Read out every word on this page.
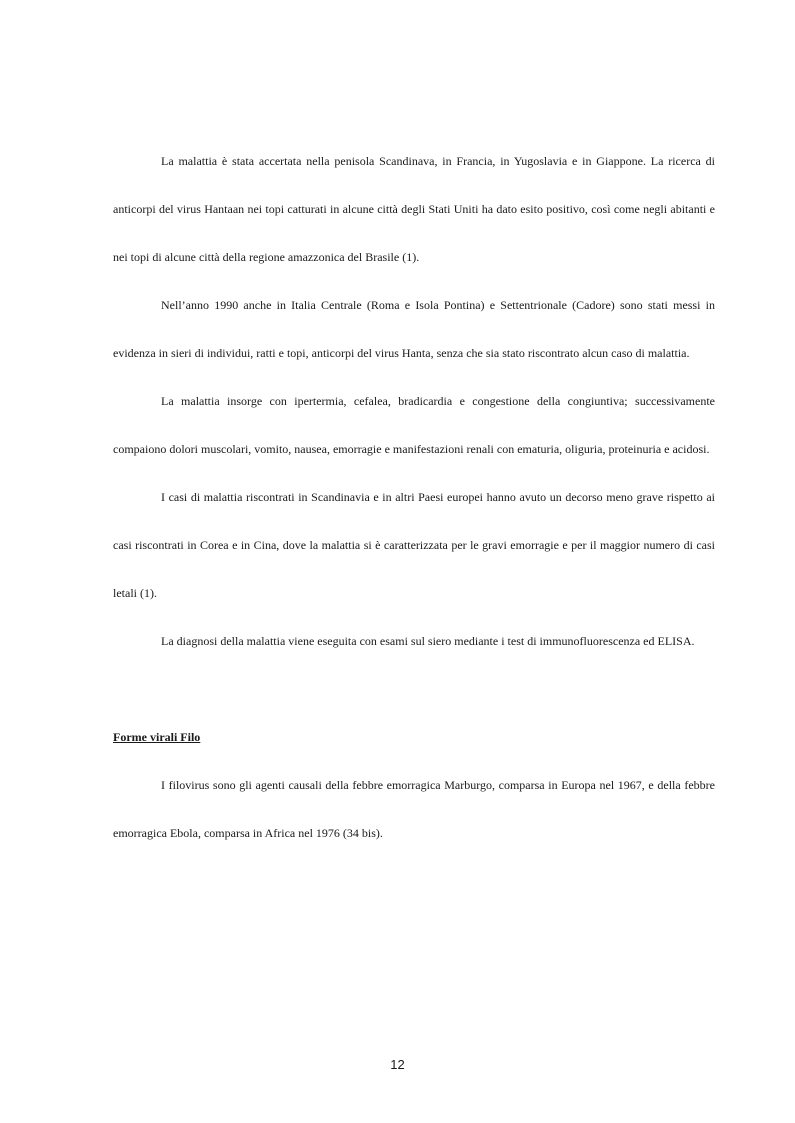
La malattia è stata accertata nella penisola Scandinava, in Francia, in Yugoslavia e in Giappone. La ricerca di anticorpi del virus Hantaan nei topi catturati in alcune città degli Stati Uniti ha dato esito positivo, così come negli abitanti e nei topi di alcune città della regione amazzonica del Brasile (1).

Nell’anno 1990 anche in Italia Centrale (Roma e Isola Pontina) e Settentrionale (Cadore) sono stati messi in evidenza in sieri di individui, ratti e topi, anticorpi del virus Hanta, senza che sia stato riscontrato alcun caso di malattia.

La malattia insorge con ipertermia, cefalea, bradicardia e congestione della congiuntiva; successivamente compaiono dolori muscolari, vomito, nausea, emorragie e manifestazioni renali con ematuria, oliguria, proteinuria e acidosi.

I casi di malattia riscontrati in Scandinavia e in altri Paesi europei hanno avuto un decorso meno grave rispetto ai casi riscontrati in Corea e in Cina, dove la malattia si è caratterizzata per le gravi emorragie e per il maggior numero di casi letali (1).

La diagnosi della malattia viene eseguita con esami sul siero mediante i test di immunofluorescenza ed ELISA.

Forme virali Filo

I filovirus sono gli agenti causali della febbre emorragica Marburgo, comparsa in Europa nel 1967, e della febbre emorragica Ebola, comparsa in Africa nel 1976 (34 bis).

12
